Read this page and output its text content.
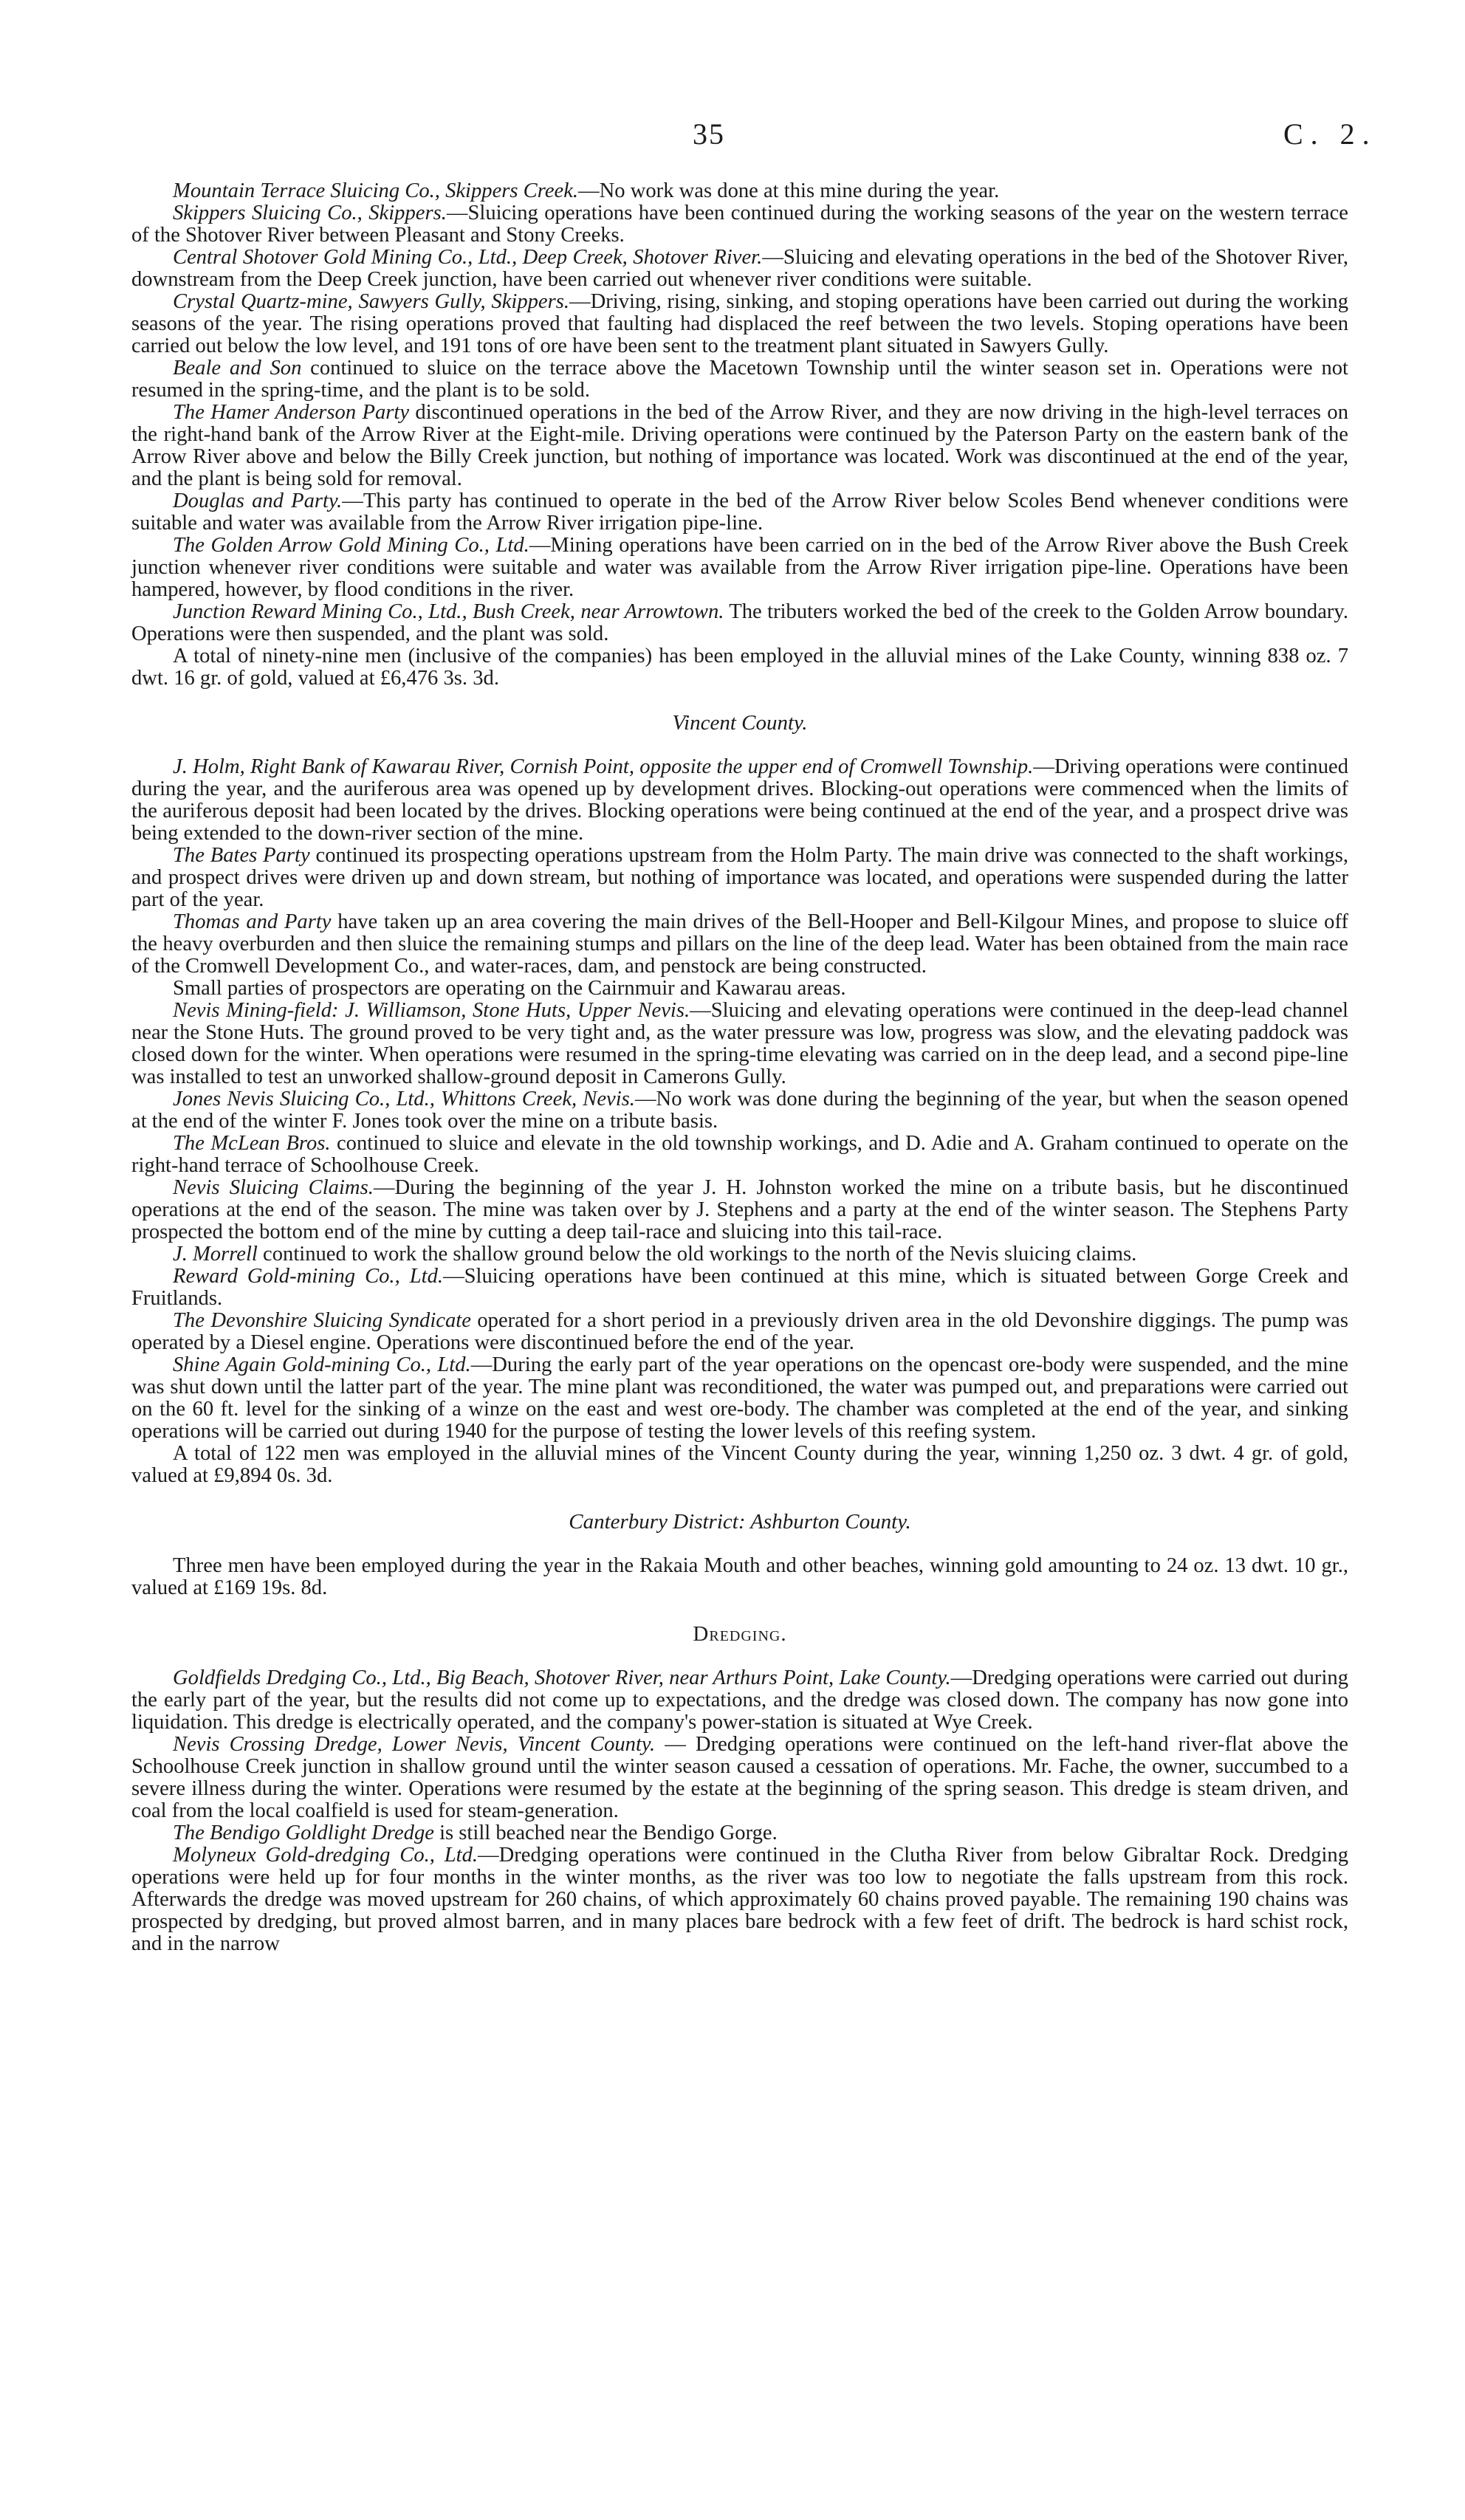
35	C. 2.

Mountain Terrace Sluicing Co., Skippers Creek.—No work was done at this mine during the year.

Skippers Sluicing Co., Skippers.—Sluicing operations have been continued during the working seasons of the year on the western terrace of the Shotover River between Pleasant and Stony Creeks.

Central Shotover Gold Mining Co., Ltd., Deep Creek, Shotover River.—Sluicing and elevating operations in the bed of the Shotover River, downstream from the Deep Creek junction, have been carried out whenever river conditions were suitable.

Crystal Quartz-mine, Sawyers Gully, Skippers.—Driving, rising, sinking, and stoping operations have been carried out during the working seasons of the year. The rising operations proved that faulting had displaced the reef between the two levels. Stoping operations have been carried out below the low level, and 191 tons of ore have been sent to the treatment plant situated in Sawyers Gully.

Beale and Son continued to sluice on the terrace above the Macetown Township until the winter season set in. Operations were not resumed in the spring-time, and the plant is to be sold.

The Hamer Anderson Party discontinued operations in the bed of the Arrow River, and they are now driving in the high-level terraces on the right-hand bank of the Arrow River at the Eight-mile. Driving operations were continued by the Paterson Party on the eastern bank of the Arrow River above and below the Billy Creek junction, but nothing of importance was located. Work was discontinued at the end of the year, and the plant is being sold for removal.

Douglas and Party.—This party has continued to operate in the bed of the Arrow River below Scoles Bend whenever conditions were suitable and water was available from the Arrow River irrigation pipe-line.

The Golden Arrow Gold Mining Co., Ltd.—Mining operations have been carried on in the bed of the Arrow River above the Bush Creek junction whenever river conditions were suitable and water was available from the Arrow River irrigation pipe-line. Operations have been hampered, however, by flood conditions in the river.

Junction Reward Mining Co., Ltd., Bush Creek, near Arrowtown. The tributers worked the bed of the creek to the Golden Arrow boundary. Operations were then suspended, and the plant was sold.

A total of ninety-nine men (inclusive of the companies) has been employed in the alluvial mines of the Lake County, winning 838 oz. 7 dwt. 16 gr. of gold, valued at £6,476 3s. 3d.

Vincent County.

J. Holm, Right Bank of Kawarau River, Cornish Point, opposite the upper end of Cromwell Township.—Driving operations were continued during the year, and the auriferous area was opened up by development drives. Blocking-out operations were commenced when the limits of the auriferous deposit had been located by the drives. Blocking operations were being continued at the end of the year, and a prospect drive was being extended to the down-river section of the mine.

The Bates Party continued its prospecting operations upstream from the Holm Party. The main drive was connected to the shaft workings, and prospect drives were driven up and down stream, but nothing of importance was located, and operations were suspended during the latter part of the year.

Thomas and Party have taken up an area covering the main drives of the Bell-Hooper and Bell-Kilgour Mines, and propose to sluice off the heavy overburden and then sluice the remaining stumps and pillars on the line of the deep lead. Water has been obtained from the main race of the Cromwell Development Co., and water-races, dam, and penstock are being constructed.

Small parties of prospectors are operating on the Cairnmuir and Kawarau areas.

Nevis Mining-field: J. Williamson, Stone Huts, Upper Nevis.—Sluicing and elevating operations were continued in the deep-lead channel near the Stone Huts. The ground proved to be very tight and, as the water pressure was low, progress was slow, and the elevating paddock was closed down for the winter. When operations were resumed in the spring-time elevating was carried on in the deep lead, and a second pipe-line was installed to test an unworked shallow-ground deposit in Camerons Gully.

Jones Nevis Sluicing Co., Ltd., Whittons Creek, Nevis.—No work was done during the beginning of the year, but when the season opened at the end of the winter F. Jones took over the mine on a tribute basis.

The McLean Bros. continued to sluice and elevate in the old township workings, and D. Adie and A. Graham continued to operate on the right-hand terrace of Schoolhouse Creek.

Nevis Sluicing Claims.—During the beginning of the year J. H. Johnston worked the mine on a tribute basis, but he discontinued operations at the end of the season. The mine was taken over by J. Stephens and a party at the end of the winter season. The Stephens Party prospected the bottom end of the mine by cutting a deep tail-race and sluicing into this tail-race.

J. Morrell continued to work the shallow ground below the old workings to the north of the Nevis sluicing claims.

Reward Gold-mining Co., Ltd.—Sluicing operations have been continued at this mine, which is situated between Gorge Creek and Fruitlands.

The Devonshire Sluicing Syndicate operated for a short period in a previously driven area in the old Devonshire diggings. The pump was operated by a Diesel engine. Operations were discontinued before the end of the year.

Shine Again Gold-mining Co., Ltd.—During the early part of the year operations on the opencast ore-body were suspended, and the mine was shut down until the latter part of the year. The mine plant was reconditioned, the water was pumped out, and preparations were carried out on the 60 ft. level for the sinking of a winze on the east and west ore-body. The chamber was completed at the end of the year, and sinking operations will be carried out during 1940 for the purpose of testing the lower levels of this reefing system.

A total of 122 men was employed in the alluvial mines of the Vincent County during the year, winning 1,250 oz. 3 dwt. 4 gr. of gold, valued at £9,894 0s. 3d.

Canterbury District: Ashburton County.

Three men have been employed during the year in the Rakaia Mouth and other beaches, winning gold amounting to 24 oz. 13 dwt. 10 gr., valued at £169 19s. 8d.

Dredging.

Goldfields Dredging Co., Ltd., Big Beach, Shotover River, near Arthurs Point, Lake County.—Dredging operations were carried out during the early part of the year, but the results did not come up to expectations, and the dredge was closed down. The company has now gone into liquidation. This dredge is electrically operated, and the company's power-station is situated at Wye Creek.

Nevis Crossing Dredge, Lower Nevis, Vincent County. — Dredging operations were continued on the left-hand river-flat above the Schoolhouse Creek junction in shallow ground until the winter season caused a cessation of operations. Mr. Fache, the owner, succumbed to a severe illness during the winter. Operations were resumed by the estate at the beginning of the spring season. This dredge is steam driven, and coal from the local coalfield is used for steam-generation.

The Bendigo Goldlight Dredge is still beached near the Bendigo Gorge.

Molyneux Gold-dredging Co., Ltd.—Dredging operations were continued in the Clutha River from below Gibraltar Rock. Dredging operations were held up for four months in the winter months, as the river was too low to negotiate the falls upstream from this rock. Afterwards the dredge was moved upstream for 260 chains, of which approximately 60 chains proved payable. The remaining 190 chains was prospected by dredging, but proved almost barren, and in many places bare bedrock with a few feet of drift. The bedrock is hard schist rock, and in the narrow
